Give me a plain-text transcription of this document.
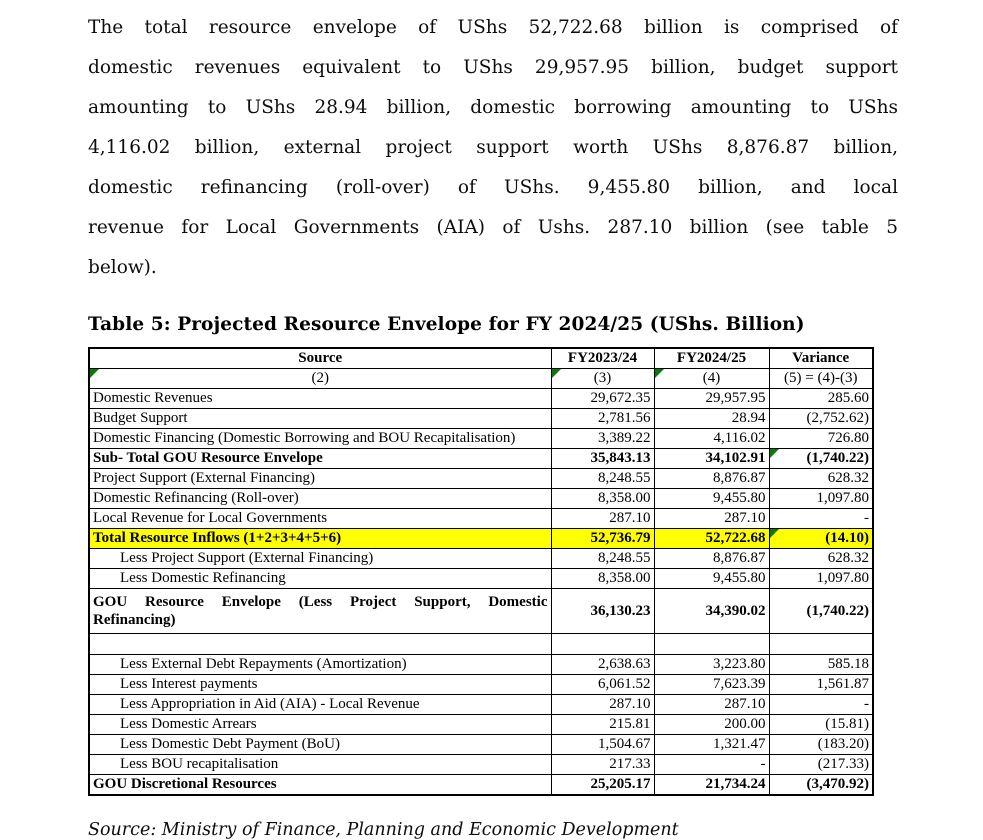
The total resource envelope of UShs 52,722.68 billion is comprised of
domestic revenues equivalent to UShs 29,957.95 billion, budget support
amounting to UShs 28.94 billion, domestic borrowing amounting to UShs
4,116.02 billion, external project support worth UShs 8,876.87 billion,
domestic refinancing (roll-over) of UShs. 9,455.80 billion, and local
revenue for Local Governments (AIA) of Ushs. 287.10 billion (see table 5
below).
Table 5: Projected Resource Envelope for FY 2024/25 (UShs. Billion)
Source	FY2023/24	FY2024/25	Variance

(2)	(3)	(4)	(5) = (4)-(3)
Domestic Revenues	29,672.35	29,957.95	285.60
Budget Support	2,781.56	28.94	(2,752.62)
Domestic Financing (Domestic Borrowing and BOU Recapitalisation)	3,389.22	4,116.02	726.80
Sub- Total GOU Resource Envelope	35,843.13	34,102.91	(1,740.22)

Project Support (External Financing)	8,248.55	8,876.87	628.32
Domestic Refinancing (Roll-over)	8,358.00	9,455.80	1,097.80
Local Revenue for Local Governments	287.10	287.10	-
Total Resource Inflows (1+2+3+4+5+6)	52,736.79	52,722.68	(14.10)

Less Project Support (External Financing)	8,248.55	8,876.87	628.32
Less Domestic Refinancing	8,358.00	9,455.80	1,097.80
GOU Resource Envelope (Less Project Support, Domestic Refinancing)	36,130.23	34,390.02	(1,740.22)

Less External Debt Repayments (Amortization)	2,638.63	3,223.80	585.18
Less Interest payments	6,061.52	7,623.39	1,561.87
Less Appropriation in Aid (AIA) - Local Revenue	287.10	287.10	-
Less Domestic Arrears	215.81	200.00	(15.81)
Less Domestic Debt Payment (BoU)	1,504.67	1,321.47	(183.20)
Less BOU recapitalisation	217.33	-	(217.33)
GOU Discretional Resources	25,205.17	21,734.24	(3,470.92)
Source: Ministry of Finance, Planning and Economic Development
